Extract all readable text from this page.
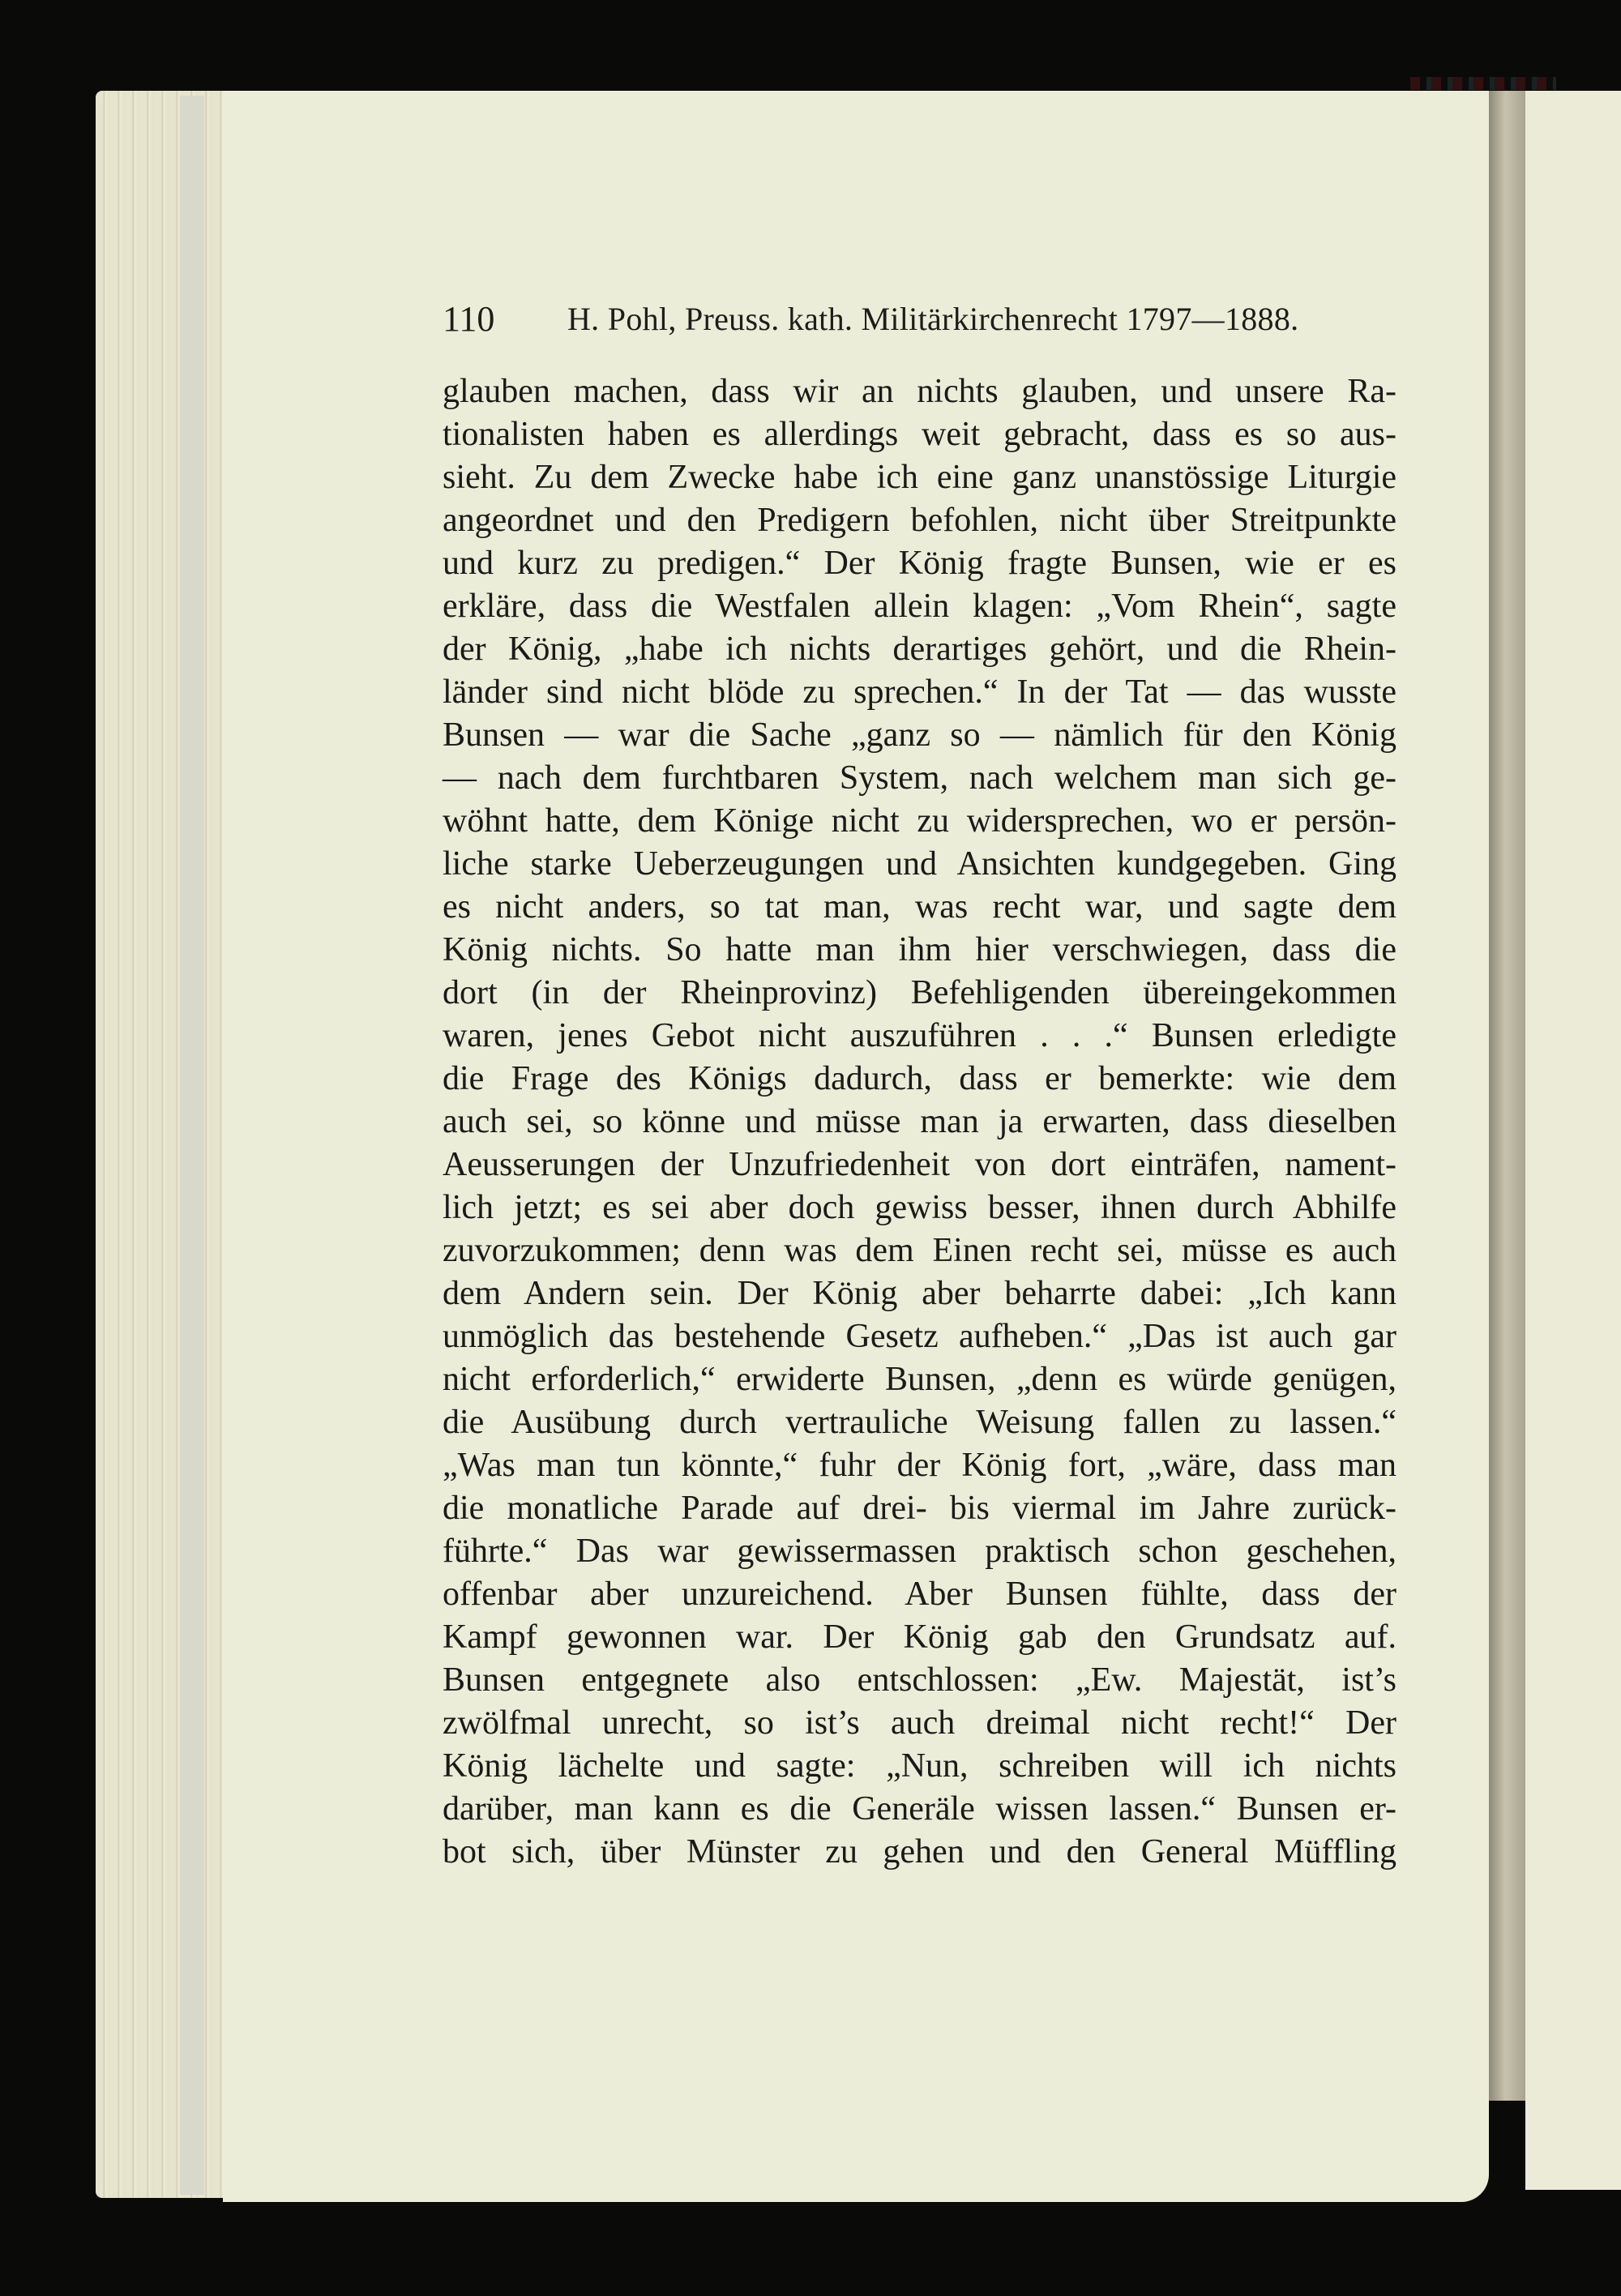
110 H. Pohl, Preuss. kath. Militärkirchenrecht 1797—1888.
glauben machen, dass wir an nichts glauben, und unsere Ra-
tionalisten haben es allerdings weit gebracht, dass es so aus-
sieht. Zu dem Zwecke habe ich eine ganz unanstössige Liturgie
angeordnet und den Predigern befohlen, nicht über Streitpunkte
und kurz zu predigen.“ Der König fragte Bunsen, wie er es
erkläre, dass die Westfalen allein klagen: „Vom Rhein“, sagte
der König, „habe ich nichts derartiges gehört, und die Rhein-
länder sind nicht blöde zu sprechen.“ In der Tat — das wusste
Bunsen — war die Sache „ganz so — nämlich für den König
— nach dem furchtbaren System, nach welchem man sich ge-
wöhnt hatte, dem Könige nicht zu widersprechen, wo er persön-
liche starke Ueberzeugungen und Ansichten kundgegeben. Ging
es nicht anders, so tat man, was recht war, und sagte dem
König nichts. So hatte man ihm hier verschwiegen, dass die
dort (in der Rheinprovinz) Befehligenden übereingekommen
waren, jenes Gebot nicht auszuführen . . .“ Bunsen erledigte
die Frage des Königs dadurch, dass er bemerkte: wie dem
auch sei, so könne und müsse man ja erwarten, dass dieselben
Aeusserungen der Unzufriedenheit von dort einträfen, nament-
lich jetzt; es sei aber doch gewiss besser, ihnen durch Abhilfe
zuvorzukommen; denn was dem Einen recht sei, müsse es auch
dem Andern sein. Der König aber beharrte dabei: „Ich kann
unmöglich das bestehende Gesetz aufheben.“ „Das ist auch gar
nicht erforderlich,“ erwiderte Bunsen, „denn es würde genügen,
die Ausübung durch vertrauliche Weisung fallen zu lassen.“
„Was man tun könnte,“ fuhr der König fort, „wäre, dass man
die monatliche Parade auf drei- bis viermal im Jahre zurück-
führte.“ Das war gewissermassen praktisch schon geschehen,
offenbar aber unzureichend. Aber Bunsen fühlte, dass der
Kampf gewonnen war. Der König gab den Grundsatz auf.
Bunsen entgegnete also entschlossen: „Ew. Majestät, ist’s
zwölfmal unrecht, so ist’s auch dreimal nicht recht!“ Der
König lächelte und sagte: „Nun, schreiben will ich nichts
darüber, man kann es die Generäle wissen lassen.“ Bunsen er-
bot sich, über Münster zu gehen und den General Müffling
